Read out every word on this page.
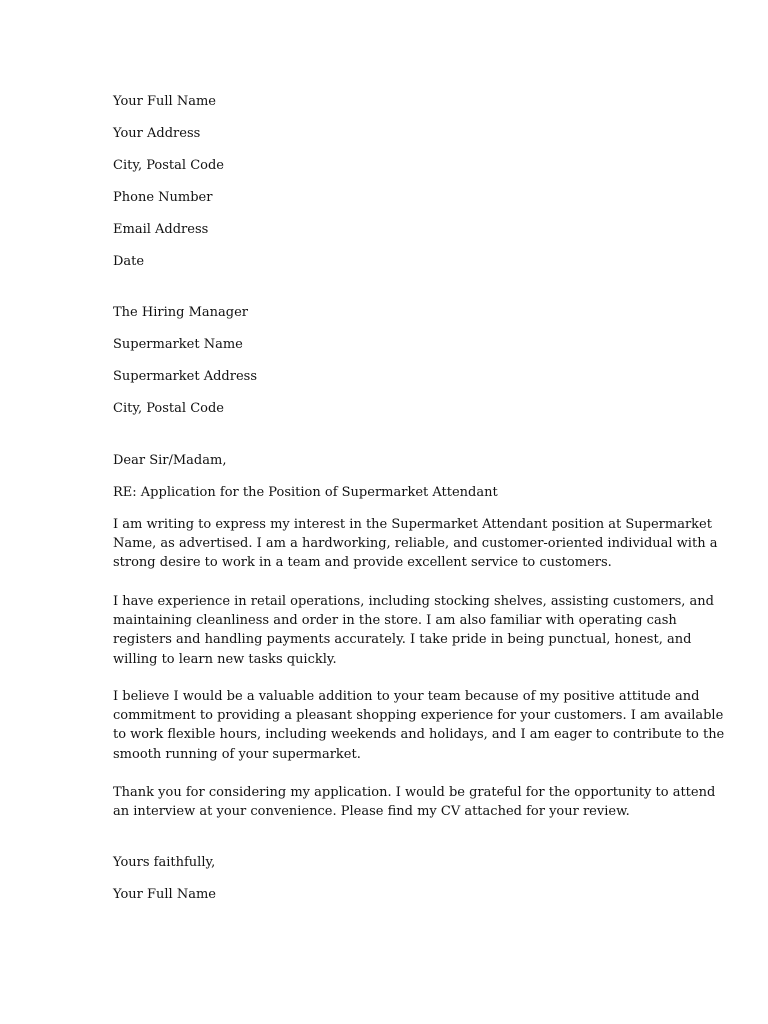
Your Full Name
Your Address
City, Postal Code
Phone Number
Email Address
Date
The Hiring Manager
Supermarket Name
Supermarket Address
City, Postal Code
Dear Sir/Madam,
RE: Application for the Position of Supermarket Attendant
I am writing to express my interest in the Supermarket Attendant position at Supermarket
Name, as advertised. I am a hardworking, reliable, and customer-oriented individual with a
strong desire to work in a team and provide excellent service to customers.
I have experience in retail operations, including stocking shelves, assisting customers, and
maintaining cleanliness and order in the store. I am also familiar with operating cash
registers and handling payments accurately. I take pride in being punctual, honest, and
willing to learn new tasks quickly.
I believe I would be a valuable addition to your team because of my positive attitude and
commitment to providing a pleasant shopping experience for your customers. I am available
to work flexible hours, including weekends and holidays, and I am eager to contribute to the
smooth running of your supermarket.
Thank you for considering my application. I would be grateful for the opportunity to attend
an interview at your convenience. Please find my CV attached for your review.
Yours faithfully,
Your Full Name
